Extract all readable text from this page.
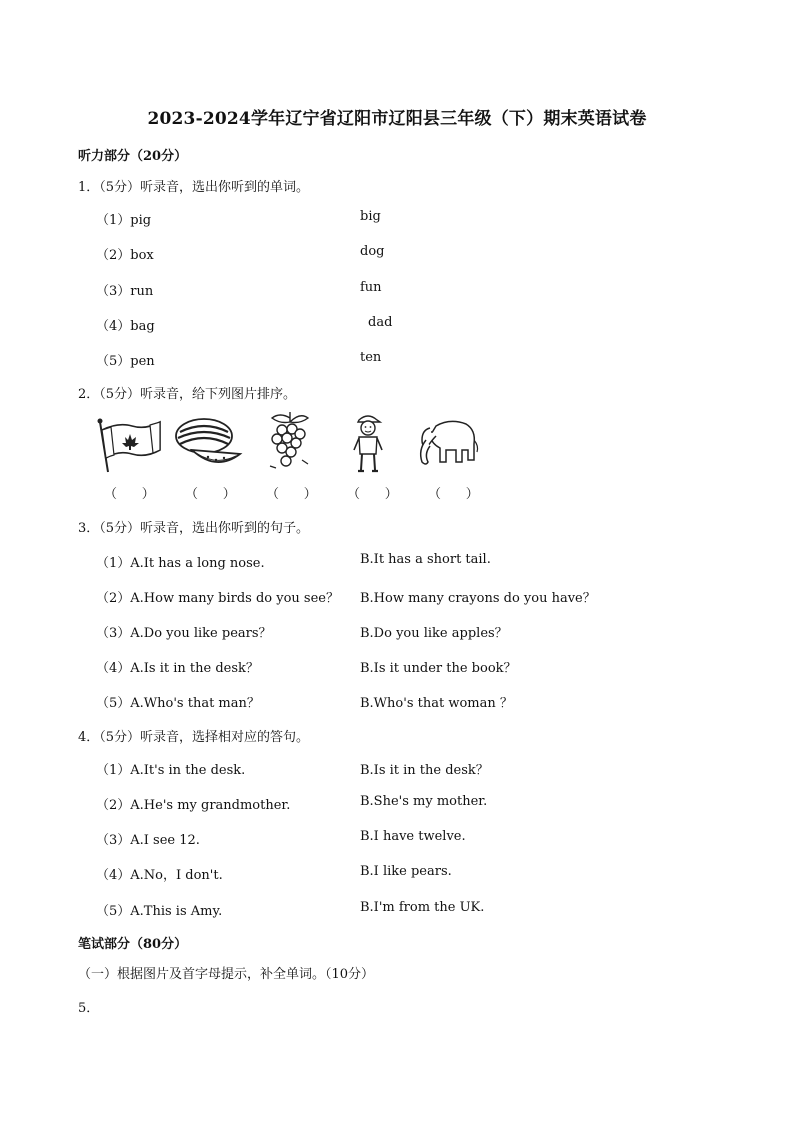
2023-2024学年辽宁省辽阳市辽阳县三年级（下）期末英语试卷
听力部分（20分）
1．（5分）听录音，选出你听到的单词。
（1）pig	big
（2）box	dog
（3）run	fun
（4）bag	dad
（5）pen	ten
2．（5分）听录音，给下列图片排序。
（      ） （      ） （      ） （      ） （      ）
3．（5分）听录音，选出你听到的句子。
（1）A.It has a long nose.	B.It has a short tail.
（2）A.How many birds do you see？ B.How many crayons do you have？
（3）A.Do you like pears？	B.Do you like apples？
（4）A.Is it in the desk？	B.Is it under the book？
（5）A.Who's that man？	B.Who's that woman ？
4．（5分）听录音，选择相对应的答句。
（1）A.It's in the desk.	B.Is it in the desk？
（2）A.He's my grandmother.	B.She's my mother.
（3）A.I see 12.	B.I have twelve.
（4）A.No，I don't.	B.I like pears.
（5）A.This is Amy.	B.I'm from the UK.
笔试部分（80分）
（一）根据图片及首字母提示，补全单词。（10分）
5．
